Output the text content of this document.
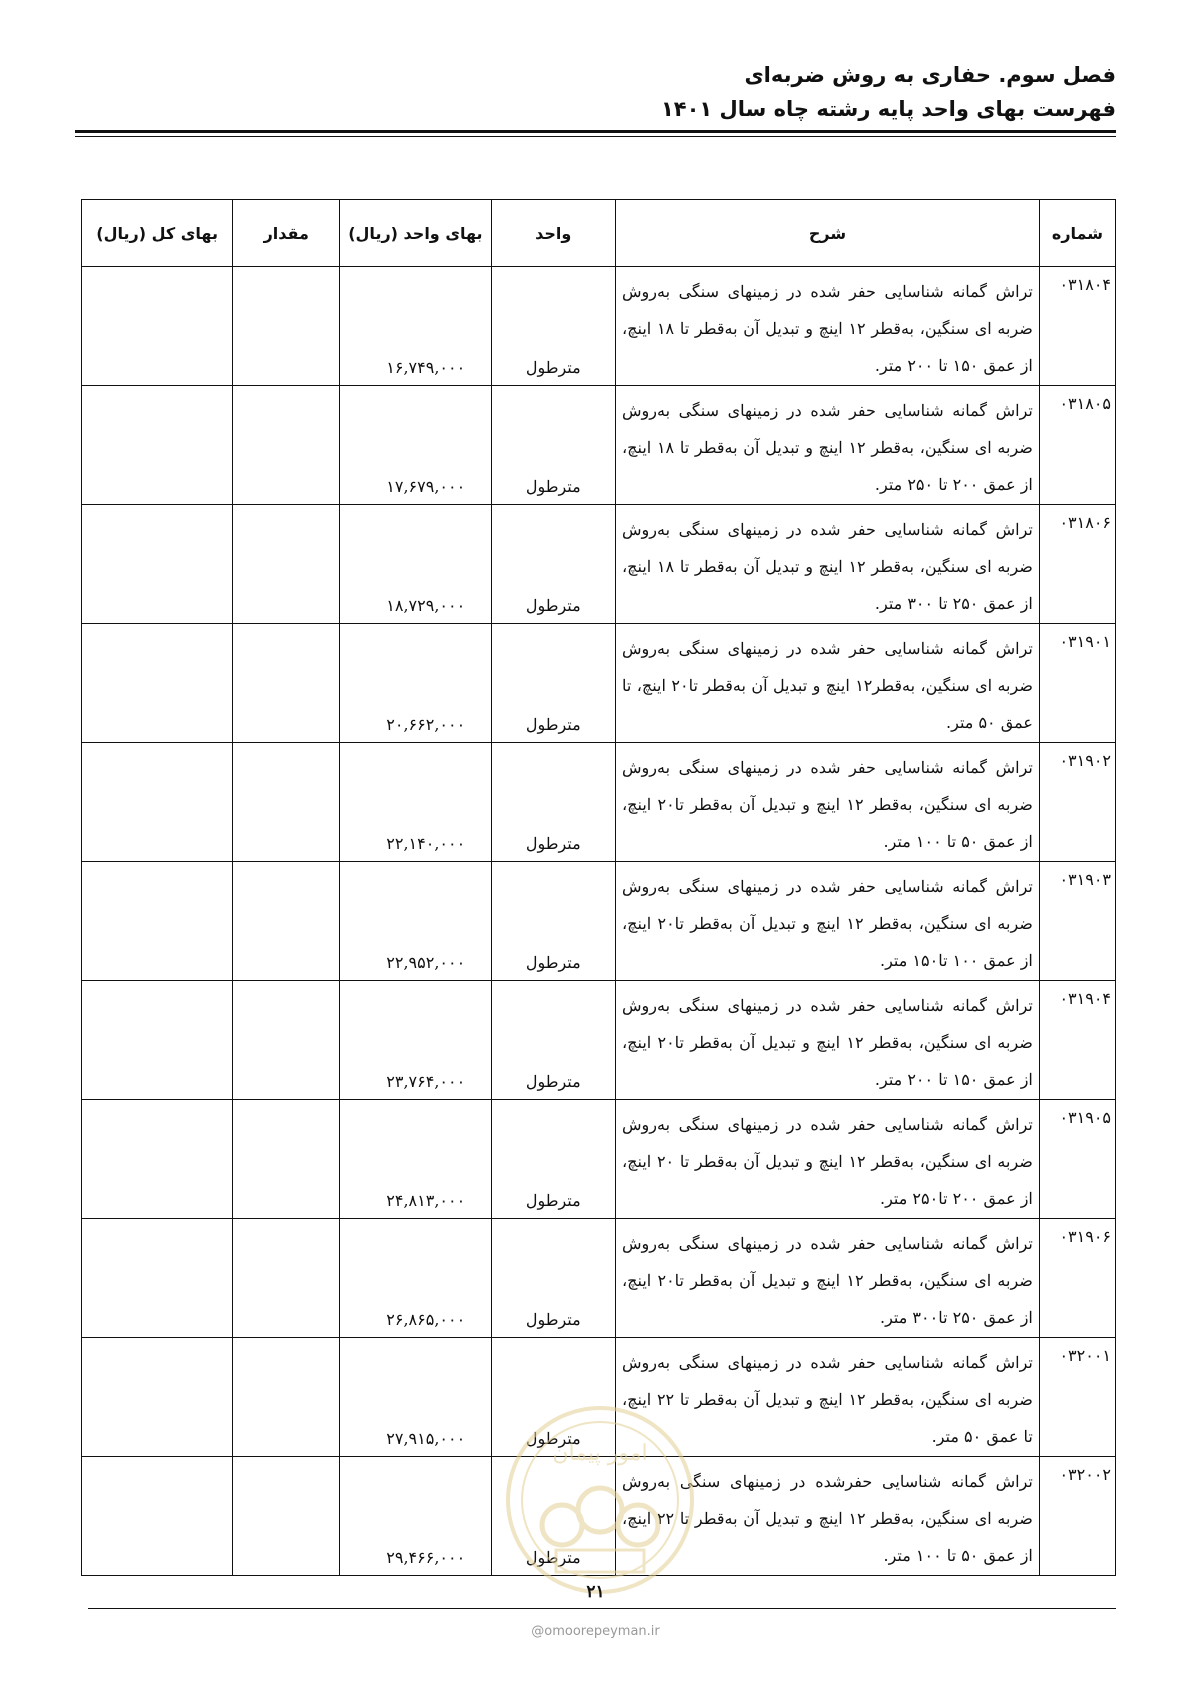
فصل سوم. حفاری به روش ضربه‌ای
فهرست بهای واحد پایه رشته چاه سال ۱۴۰۱
شماره	شرح	واحد	بهای واحد (ریال)	مقدار	بهای کل (ریال)
۰۳۱۸۰۴	تراش گمانه شناسایی حفر شده در زمینهای سنگی به‌روش ضربه ای سنگین، به‌قطر ۱۲ اینچ و تبدیل آن به‌قطر تا ۱۸ اینچ، از عمق ۱۵۰ تا ۲۰۰ متر.	مترطول	۱۶,۷۴۹,۰۰۰		
۰۳۱۸۰۵	تراش گمانه شناسایی حفر شده در زمینهای سنگی به‌روش ضربه ای سنگین، به‌قطر ۱۲ اینچ و تبدیل آن به‌قطر تا ۱۸ اینچ، از عمق ۲۰۰ تا ۲۵۰ متر.	مترطول	۱۷,۶۷۹,۰۰۰		
۰۳۱۸۰۶	تراش گمانه شناسایی حفر شده در زمینهای سنگی به‌روش ضربه ای سنگین، به‌قطر ۱۲ اینچ و تبدیل آن به‌قطر تا ۱۸ اینچ، از عمق ۲۵۰ تا ۳۰۰ متر.	مترطول	۱۸,۷۲۹,۰۰۰		
۰۳۱۹۰۱	تراش گمانه شناسایی حفر شده در زمینهای سنگی به‌روش ضربه ای سنگین، به‌قطر۱۲ اینچ و تبدیل آن به‌قطر تا۲۰ اینچ، تا عمق ۵۰ متر.	مترطول	۲۰,۶۶۲,۰۰۰		
۰۳۱۹۰۲	تراش گمانه شناسایی حفر شده در زمینهای سنگی به‌روش ضربه ای سنگین، به‌قطر ۱۲ اینچ و تبدیل آن به‌قطر تا۲۰ اینچ، از عمق ۵۰ تا ۱۰۰ متر.	مترطول	۲۲,۱۴۰,۰۰۰		
۰۳۱۹۰۳	تراش گمانه شناسایی حفر شده در زمینهای سنگی به‌روش ضربه ای سنگین، به‌قطر ۱۲ اینچ و تبدیل آن به‌قطر تا۲۰ اینچ، از عمق ۱۰۰ تا۱۵۰ متر.	مترطول	۲۲,۹۵۲,۰۰۰		
۰۳۱۹۰۴	تراش گمانه شناسایی حفر شده در زمینهای سنگی به‌روش ضربه ای سنگین، به‌قطر ۱۲ اینچ و تبدیل آن به‌قطر تا۲۰ اینچ، از عمق ۱۵۰ تا ۲۰۰ متر.	مترطول	۲۳,۷۶۴,۰۰۰		
۰۳۱۹۰۵	تراش گمانه شناسایی حفر شده در زمینهای سنگی به‌روش ضربه ای سنگین، به‌قطر ۱۲ اینچ و تبدیل آن به‌قطر تا ۲۰ اینچ، از عمق ۲۰۰ تا۲۵۰ متر.	مترطول	۲۴,۸۱۳,۰۰۰		
۰۳۱۹۰۶	تراش گمانه شناسایی حفر شده در زمینهای سنگی به‌روش ضربه ای سنگین، به‌قطر ۱۲ اینچ و تبدیل آن به‌قطر تا۲۰ اینچ، از عمق ۲۵۰ تا۳۰۰ متر.	مترطول	۲۶,۸۶۵,۰۰۰		
۰۳۲۰۰۱	تراش گمانه شناسایی حفر شده در زمینهای سنگی به‌روش ضربه ای سنگین، به‌قطر ۱۲ اینچ و تبدیل آن به‌قطر تا ۲۲ اینچ، تا عمق ۵۰ متر.	مترطول	۲۷,۹۱۵,۰۰۰		
۰۳۲۰۰۲	تراش گمانه شناسایی حفرشده در زمینهای سنگی به‌روش ضربه ای سنگین، به‌قطر ۱۲ اینچ و تبدیل آن به‌قطر تا ۲۲ اینچ، از عمق ۵۰ تا ۱۰۰ متر.	مترطول	۲۹,۴۶۶,۰۰۰		
امور پیمان
۲۱
@omoorepeyman.ir
